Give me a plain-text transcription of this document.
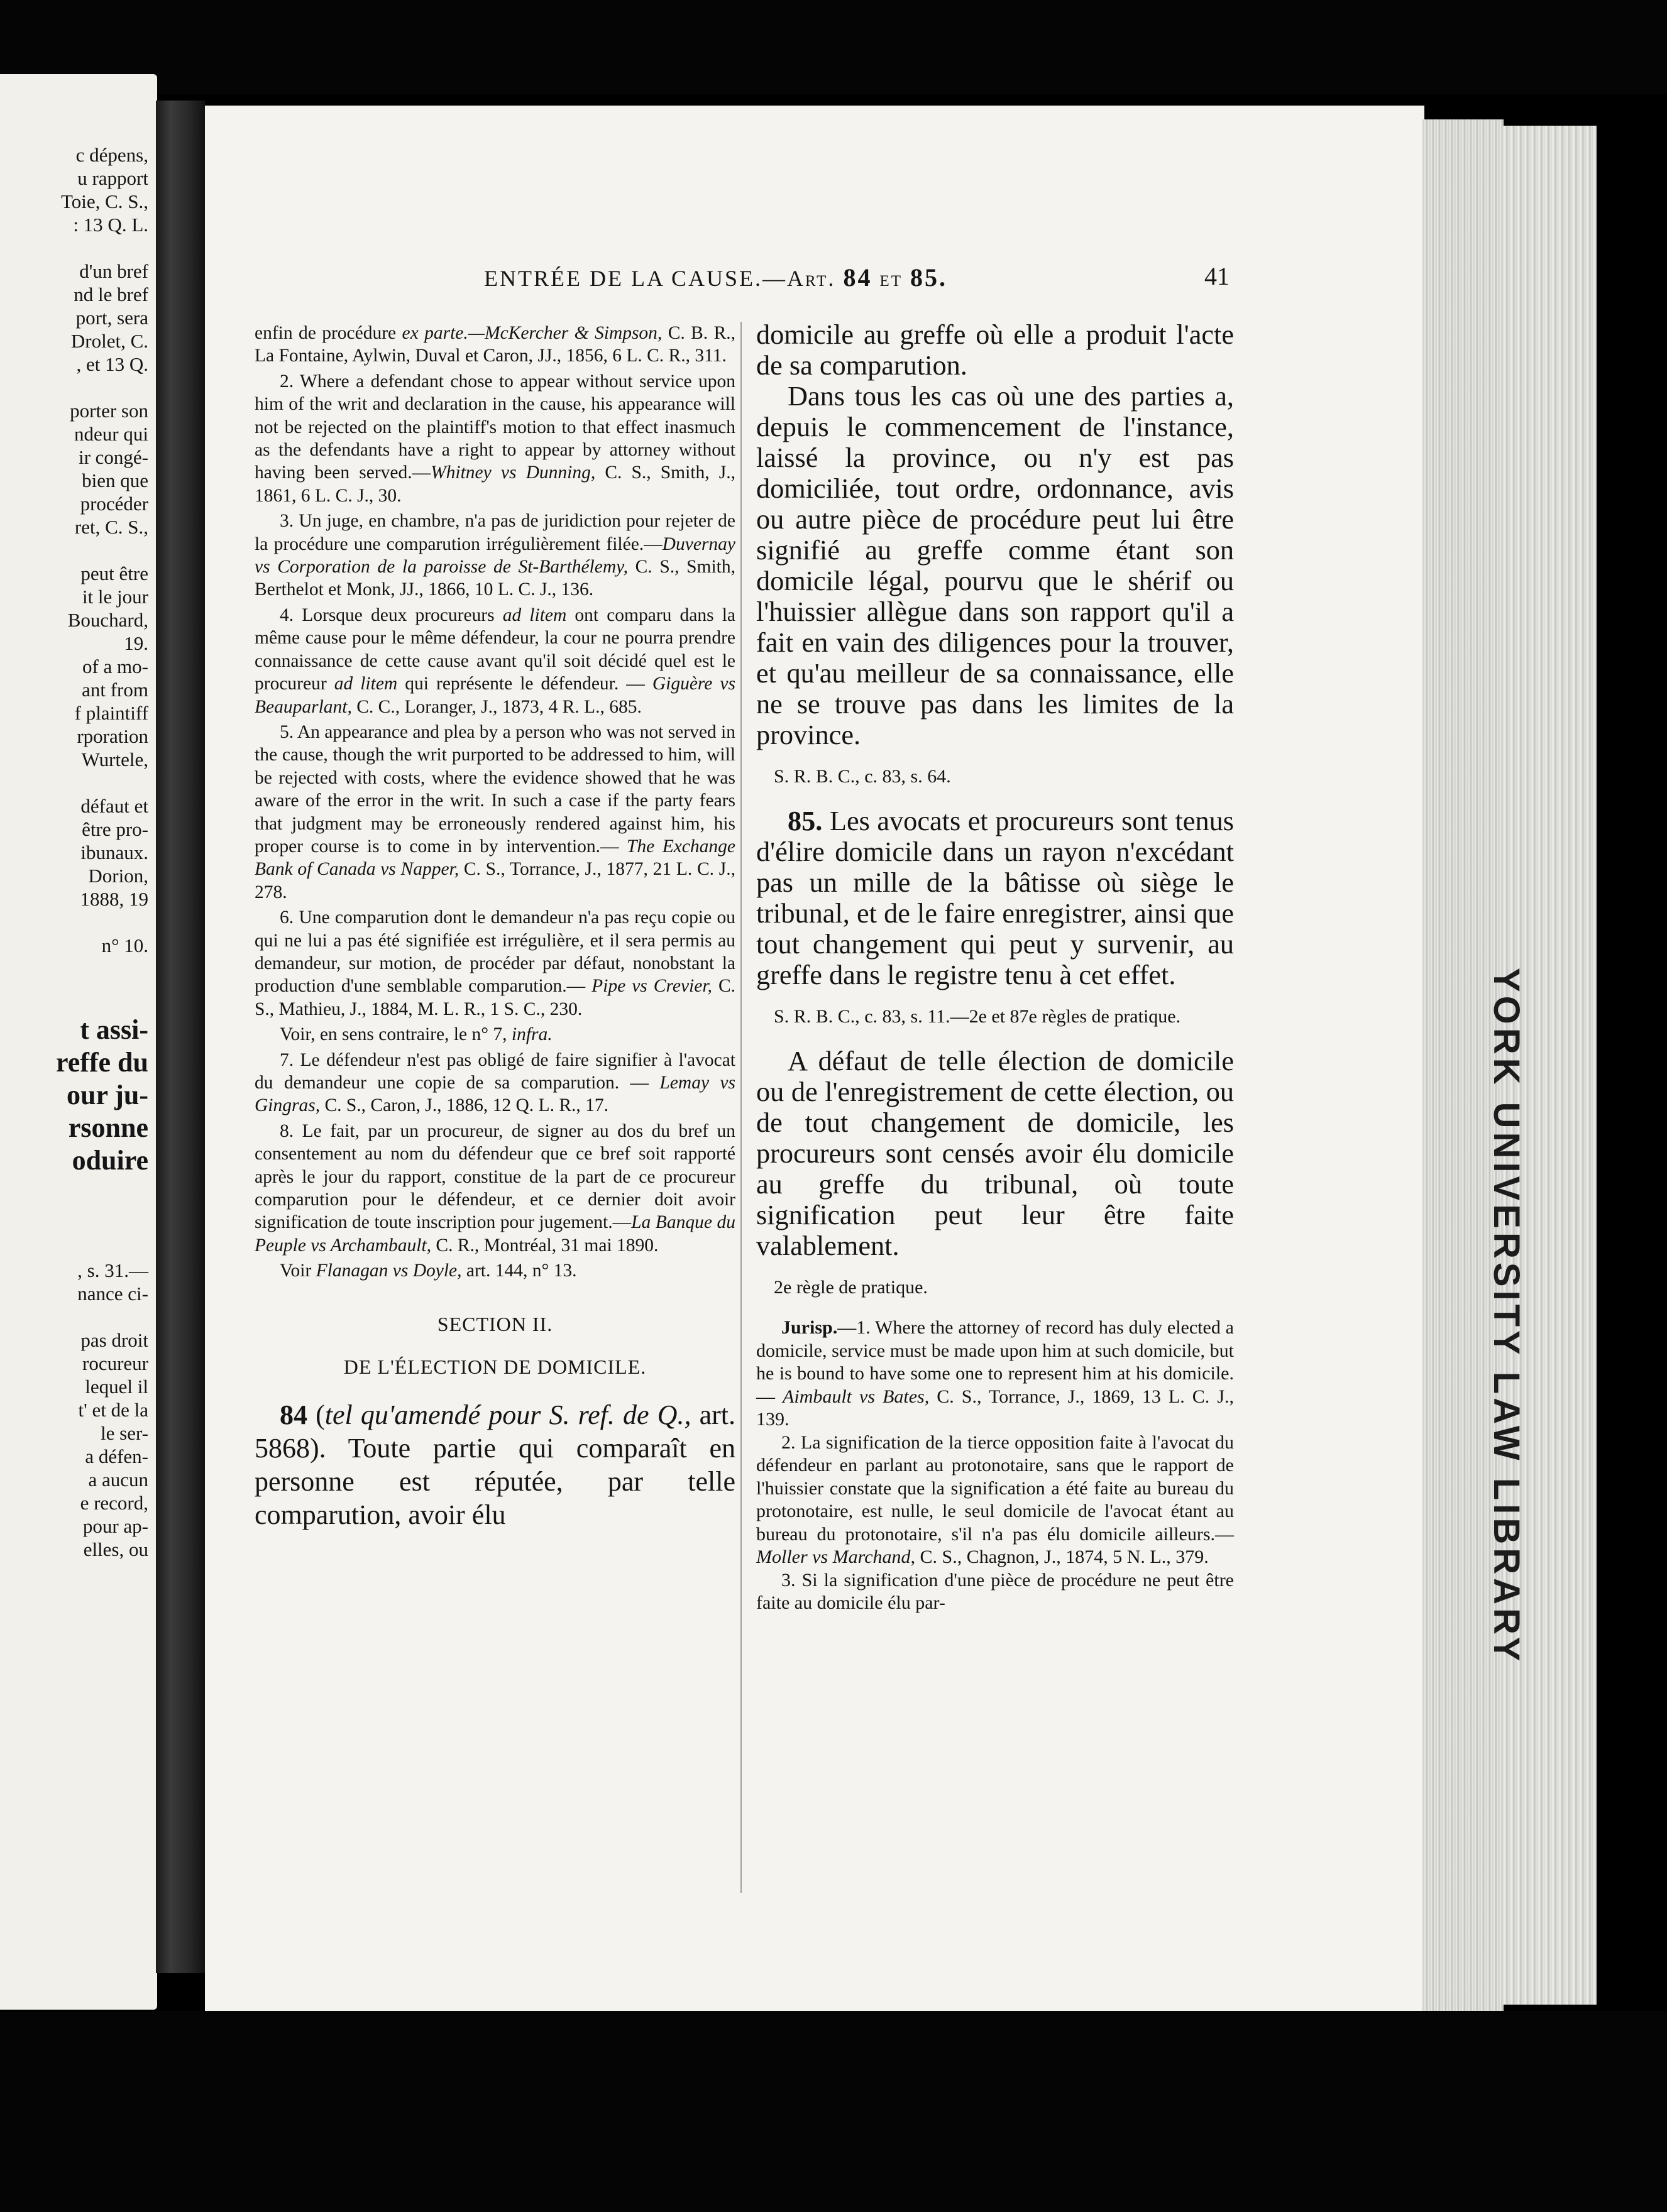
c dépens,
u rapport
Toie, C. S.,
: 13 Q. L.
d'un bref
nd le bref
port, sera
Drolet, C.
, et 13 Q.
porter son
ndeur qui
ir congé-
bien que
procéder
ret, C. S.,
peut être
it le jour
Bouchard,
19.
of a mo-
ant from
f plaintiff
rporation
Wurtele,
défaut et
être pro-
ibunaux.
Dorion,
1888, 19
n° 10.
t assi-
reffe du
our ju-
rsonne
oduire
, s. 31.—
nance ci-
pas droit
rocureur
lequel il
t' et de la
le ser-
a défen-
a aucun
e record,
pour ap-
elles, ou	YORK UNIVERSITY LAW LIBRARY
ENTRÉE DE LA CAUSE.—Art. 84 et 85.	41

enfin de procédure ex parte.—McKercher & Simpson, C. B. R., La Fontaine, Aylwin, Duval et Caron, JJ., 1856, 6 L. C. R., 311.

2. Where a defendant chose to appear without service upon him of the writ and declaration in the cause, his appearance will not be rejected on the plaintiff's motion to that effect inasmuch as the defendants have a right to appear by attorney without having been served.—Whitney vs Dunning, C. S., Smith, J., 1861, 6 L. C. J., 30.

3. Un juge, en chambre, n'a pas de juridiction pour rejeter de la procédure une comparution irrégulièrement filée.—Duvernay vs Corporation de la paroisse de St-Barthélemy, C. S., Smith, Berthelot et Monk, JJ., 1866, 10 L. C. J., 136.

4. Lorsque deux procureurs ad litem ont comparu dans la même cause pour le même défendeur, la cour ne pourra prendre connaissance de cette cause avant qu'il soit décidé quel est le procureur ad litem qui représente le défendeur. — Giguère vs Beauparlant, C. C., Loranger, J., 1873, 4 R. L., 685.

5. An appearance and plea by a person who was not served in the cause, though the writ purported to be addressed to him, will be rejected with costs, where the evidence showed that he was aware of the error in the writ. In such a case if the party fears that judgment may be erroneously rendered against him, his proper course is to come in by intervention.— The Exchange Bank of Canada vs Napper, C. S., Torrance, J., 1877, 21 L. C. J., 278.

6. Une comparution dont le demandeur n'a pas reçu copie ou qui ne lui a pas été signifiée est irrégulière, et il sera permis au demandeur, sur motion, de procéder par défaut, nonobstant la production d'une semblable comparution.— Pipe vs Crevier, C. S., Mathieu, J., 1884, M. L. R., 1 S. C., 230.

Voir, en sens contraire, le n° 7, infra.

7. Le défendeur n'est pas obligé de faire signifier à l'avocat du demandeur une copie de sa comparution. — Lemay vs Gingras, C. S., Caron, J., 1886, 12 Q. L. R., 17.

8. Le fait, par un procureur, de signer au dos du bref un consentement au nom du défendeur que ce bref soit rapporté après le jour du rapport, constitue de la part de ce procureur comparution pour le défendeur, et ce dernier doit avoir signification de toute inscription pour jugement.—La Banque du Peuple vs Archambault, C. R., Montréal, 31 mai 1890.

Voir Flanagan vs Doyle, art. 144, n° 13.

SECTION II.

DE L'ÉLECTION DE DOMICILE.

84 (tel qu'amendé pour S. ref. de Q., art. 5868). Toute partie qui comparaît en personne est réputée, par telle comparution, avoir élu

domicile au greffe où elle a produit l'acte de sa comparution.

Dans tous les cas où une des parties a, depuis le commencement de l'instance, laissé la province, ou n'y est pas domiciliée, tout ordre, ordonnance, avis ou autre pièce de procédure peut lui être signifié au greffe comme étant son domicile légal, pourvu que le shérif ou l'huissier allègue dans son rapport qu'il a fait en vain des diligences pour la trouver, et qu'au meilleur de sa connaissance, elle ne se trouve pas dans les limites de la province.

S. R. B. C., c. 83, s. 64.

85. Les avocats et procureurs sont tenus d'élire domicile dans un rayon n'excédant pas un mille de la bâtisse où siège le tribunal, et de le faire enregistrer, ainsi que tout changement qui peut y survenir, au greffe dans le registre tenu à cet effet.

S. R. B. C., c. 83, s. 11.—2e et 87e règles de pratique.

A défaut de telle élection de domicile ou de l'enregistrement de cette élection, ou de tout changement de domicile, les procureurs sont censés avoir élu domicile au greffe du tribunal, où toute signification peut leur être faite valablement.

2e règle de pratique.

Jurisp.—1. Where the attorney of record has duly elected a domicile, service must be made upon him at such domicile, but he is bound to have some one to represent him at his domicile. — Aimbault vs Bates, C. S., Torrance, J., 1869, 13 L. C. J., 139.

2. La signification de la tierce opposition faite à l'avocat du défendeur en parlant au protonotaire, sans que le rapport de l'huissier constate que la signification a été faite au bureau du protonotaire, est nulle, le seul domicile de l'avocat étant au bureau du protonotaire, s'il n'a pas élu domicile ailleurs.—Moller vs Marchand, C. S., Chagnon, J., 1874, 5 N. L., 379.

3. Si la signification d'une pièce de procédure ne peut être faite au domicile élu par-
